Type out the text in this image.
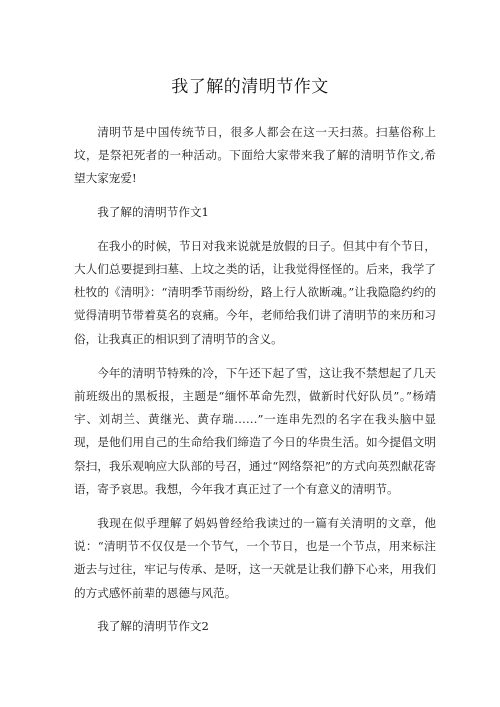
我了解的清明节作文

清明节是中国传统节日，很多人都会在这一天扫蒸。扫墓俗称上坟，是祭祀死者的一种活动。下面给大家带来我了解的清明节作文,希望大家宠爱!

我了解的清明节作文1

在我小的时候，节日对我来说就是放假的日子。但其中有个节日，大人们总要提到扫墓、上坟之类的话，让我觉得怪怪的。后来，我学了杜牧的《清明》：“清明季节雨纷纷，路上行人欲断魂。”让我隐隐约约的觉得清明节带着莫名的哀痛。今年，老师给我们讲了清明节的来历和习俗，让我真正的相识到了清明节的含义。

今年的清明节特殊的冷，下午还下起了雪，这让我不禁想起了几天前班级出的黑板报，主题是“缅怀革命先烈，做新时代好队员”。”杨靖宇、刘胡兰、黄继光、黄存瑞……”一连串先烈的名字在我头脑中显现，是他们用自己的生命给我们缔造了今日的华贵生活。如今提倡文明祭扫，我乐观响应大队部的号召，通过“网络祭祀”的方式向英烈献花寄语，寄予哀思。我想，今年我才真正过了一个有意义的清明节。

我现在似乎理解了妈妈曾经给我读过的一篇有关清明的文章，他说：“清明节不仅仅是一个节气，一个节日，也是一个节点，用来标注逝去与过往，牢记与传承、是呀，这一天就是让我们静下心来，用我们的方式感怀前辈的恩德与风范。

我了解的清明节作文2
